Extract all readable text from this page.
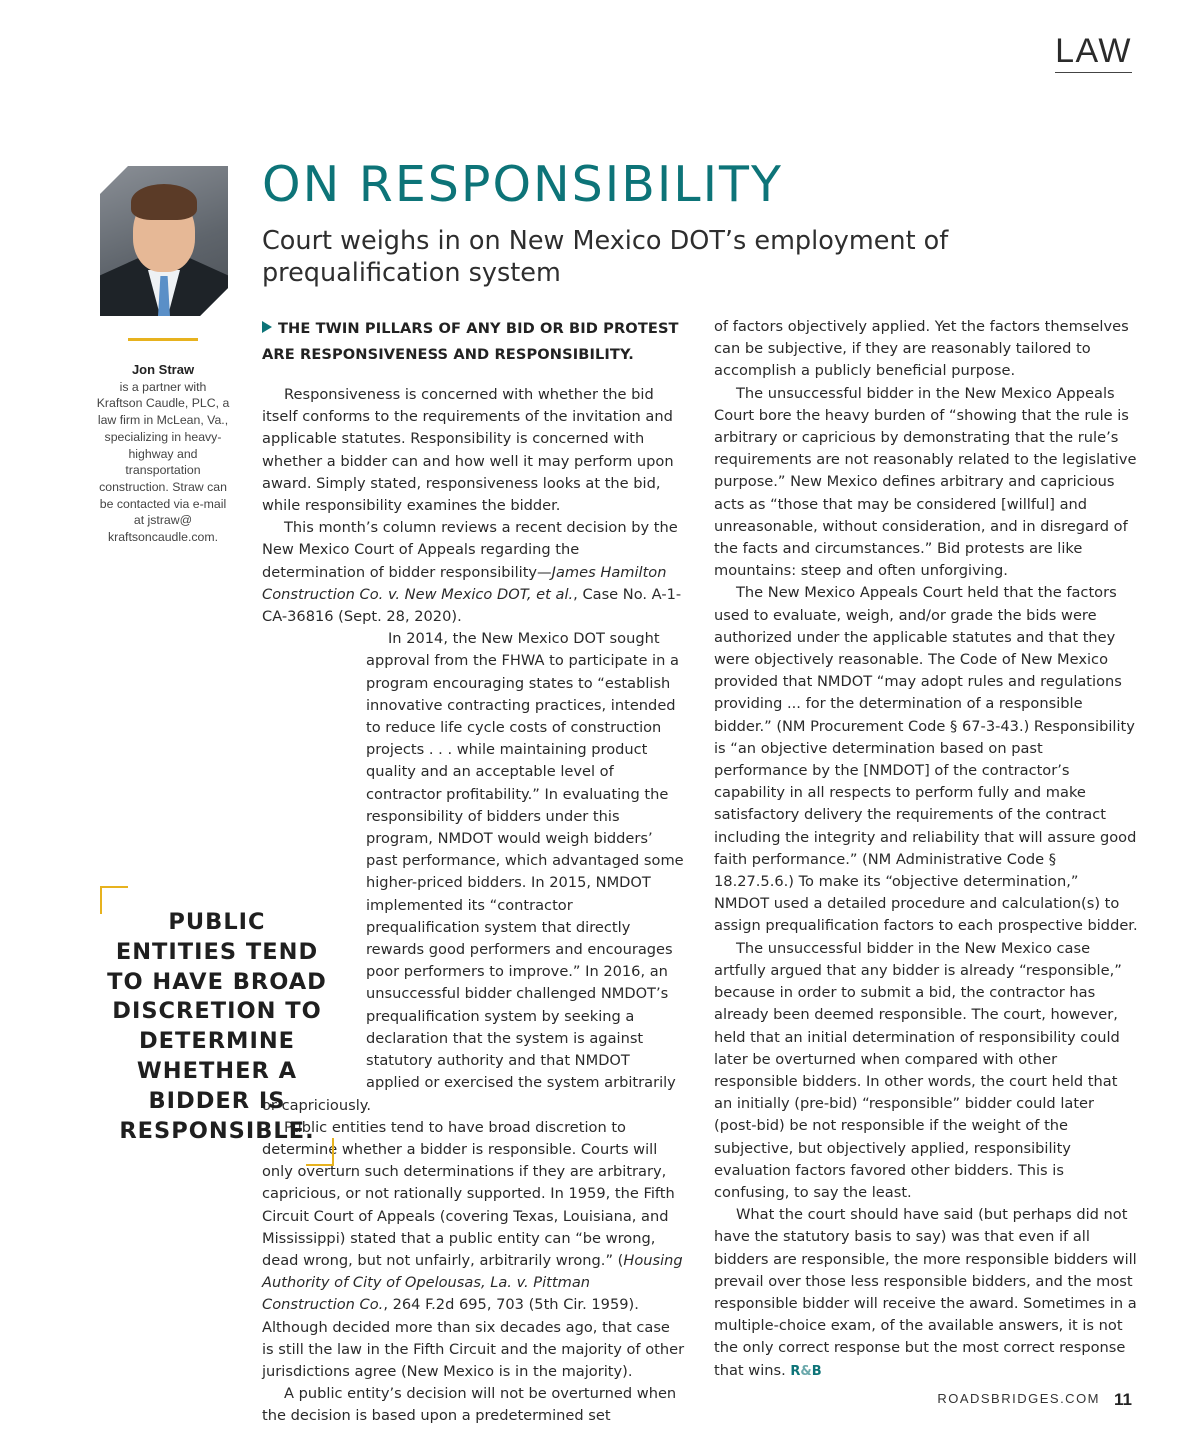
LAW
Jon Straw
is a partner with Kraftson Caudle, PLC, a law firm in McLean, Va., specializing in heavy-highway and transportation construction. Straw can be contacted via e-mail at jstraw@ kraftsoncaudle.com.
ON RESPONSIBILITY
Court weighs in on New Mexico DOT’s employment of prequalification system
THE TWIN PILLARS OF ANY BID OR BID PROTEST ARE RESPONSIVENESS AND RESPONSIBILITY.

Responsiveness is concerned with whether the bid itself conforms to the requirements of the invitation and applicable statutes. Responsibility is concerned with whether a bidder can and how well it may perform upon award. Simply stated, responsiveness looks at the bid, while responsibility examines the bidder.

This month’s column reviews a recent decision by the New Mexico Court of Appeals regarding the determination of bidder responsibility—James Hamilton Construction Co. v. New Mexico DOT, et al., Case No. A-1-CA-36816 (Sept. 28, 2020).

In 2014, the New Mexico DOT sought approval from the FHWA to participate in a program encouraging states to “establish innovative contracting practices, intended to reduce life cycle costs of construction projects . . . while maintaining product quality and an acceptable level of contractor profitability.” In evaluating the responsibility of bidders under this program, NMDOT would weigh bidders’ past performance, which advantaged some higher-priced bidders. In 2015, NMDOT implemented its “contractor prequalification system that directly rewards good performers and encourages poor performers to improve.” In 2016, an unsuccessful bidder challenged NMDOT’s prequalification system by seeking a declaration that the system is against statutory authority and that NMDOT applied or exercised the system arbitrarily or capriciously.

Public entities tend to have broad discretion to determine whether a bidder is responsible. Courts will only overturn such determinations if they are arbitrary, capricious, or not rationally supported. In 1959, the Fifth Circuit Court of Appeals (covering Texas, Louisiana, and Mississippi) stated that a public entity can “be wrong, dead wrong, but not unfairly, arbitrarily wrong.” (Housing Authority of City of Opelousas, La. v. Pittman Construction Co., 264 F.2d 695, 703 (5th Cir. 1959). Although decided more than six decades ago, that case is still the law in the Fifth Circuit and the majority of other jurisdictions agree (New Mexico is in the majority).

A public entity’s decision will not be overturned when the decision is based upon a predetermined set

of factors objectively applied. Yet the factors themselves can be subjective, if they are reasonably tailored to accomplish a publicly beneficial purpose.

The unsuccessful bidder in the New Mexico Appeals Court bore the heavy burden of “showing that the rule is arbitrary or capricious by demonstrating that the rule’s requirements are not reasonably related to the legislative purpose.” New Mexico defines arbitrary and capricious acts as “those that may be considered [willful] and unreasonable, without consideration, and in disregard of the facts and circumstances.” Bid protests are like mountains: steep and often unforgiving.

The New Mexico Appeals Court held that the factors used to evaluate, weigh, and/or grade the bids were authorized under the applicable statutes and that they were objectively reasonable. The Code of New Mexico provided that NMDOT “may adopt rules and regulations providing ... for the determination of a responsible bidder.” (NM Procurement Code § 67-3-43.) Responsibility is “an objective determination based on past performance by the [NMDOT] of the contractor’s capability in all respects to perform fully and make satisfactory delivery the requirements of the contract including the integrity and reliability that will assure good faith performance.” (NM Administrative Code § 18.27.5.6.) To make its “objective determination,” NMDOT used a detailed procedure and calculation(s) to assign prequalification factors to each prospective bidder.

The unsuccessful bidder in the New Mexico case artfully argued that any bidder is already “responsible,” because in order to submit a bid, the contractor has already been deemed responsible. The court, however, held that an initial determination of responsibility could later be overturned when compared with other responsible bidders. In other words, the court held that an initially (pre-bid) “responsible” bidder could later (post-bid) be not responsible if the weight of the subjective, but objectively applied, responsibility evaluation factors favored other bidders. This is confusing, to say the least.

What the court should have said (but perhaps did not have the statutory basis to say) was that even if all bidders are responsible, the more responsible bidders will prevail over those less responsible bidders, and the most responsible bidder will receive the award. Sometimes in a multiple-choice exam, of the available answers, it is not the only correct response but the most correct response that wins. R&B

PUBLIC ENTITIES TEND TO HAVE BROAD DISCRETION TO DETERMINE WHETHER A BIDDER IS RESPONSIBLE.
ROADSBRIDGES.COM 11
